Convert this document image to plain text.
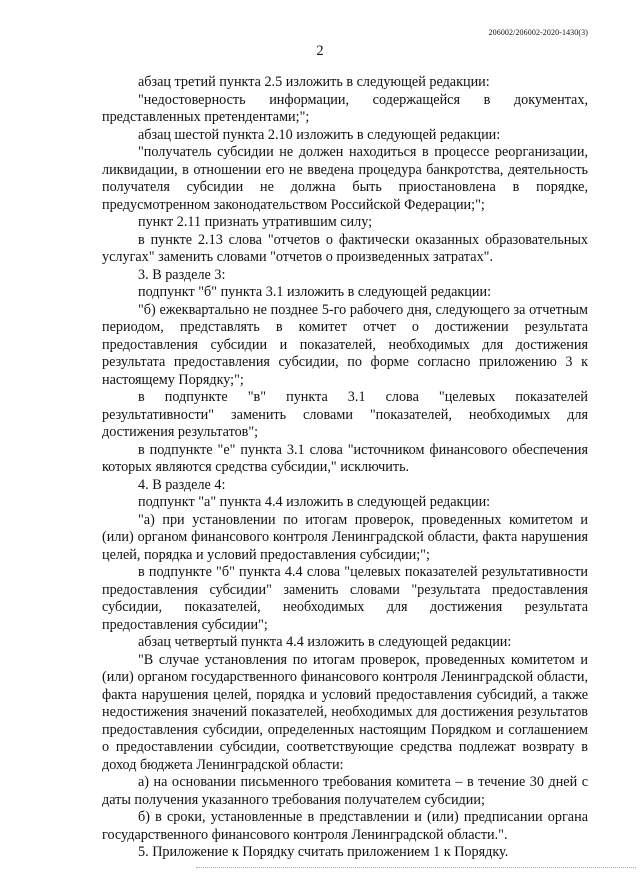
206002/206002-2020-1430(3)
2

абзац третий пункта 2.5 изложить в следующей редакции:

"недостоверность информации, содержащейся в документах, представленных претендентами;";

абзац шестой пункта 2.10 изложить в следующей редакции:

"получатель субсидии не должен находиться в процессе реорганизации, ликвидации, в отношении его не введена процедура банкротства, деятельность получателя субсидии не должна быть приостановлена в порядке, предусмотренном законодательством Российской Федерации;";

пункт 2.11 признать утратившим силу;

в пункте 2.13 слова "отчетов о фактически оказанных образовательных услугах" заменить словами "отчетов о произведенных затратах".

3. В разделе 3:

подпункт "б" пункта 3.1 изложить в следующей редакции:

"б) ежеквартально не позднее 5-го рабочего дня, следующего за отчетным периодом, представлять в комитет отчет о достижении результата предоставления субсидии и показателей, необходимых для достижения результата предоставления субсидии, по форме согласно приложению 3 к настоящему Порядку;";

в подпункте "в" пункта 3.1 слова "целевых показателей результативности" заменить словами "показателей, необходимых для достижения результатов";

в подпункте "е" пункта 3.1 слова "источником финансового обеспечения которых являются средства субсидии," исключить.

4. В разделе 4:

подпункт "а" пункта 4.4 изложить в следующей редакции:

"а) при установлении по итогам проверок, проведенных комитетом и (или) органом финансового контроля Ленинградской области, факта нарушения целей, порядка и условий предоставления субсидии;";

в подпункте "б" пункта 4.4 слова "целевых показателей результативности предоставления субсидии" заменить словами "результата предоставления субсидии, показателей, необходимых для достижения результата предоставления субсидии";

абзац четвертый пункта 4.4 изложить в следующей редакции:

"В случае установления по итогам проверок, проведенных комитетом и (или) органом государственного финансового контроля Ленинградской области, факта нарушения целей, порядка и условий предоставления субсидий, а также недостижения значений показателей, необходимых для достижения результатов предоставления субсидии, определенных настоящим Порядком и соглашением о предоставлении субсидии, соответствующие средства подлежат возврату в доход бюджета Ленинградской области:

а) на основании письменного требования комитета – в течение 30 дней с даты получения указанного требования получателем субсидии;

б) в сроки, установленные в представлении и (или) предписании органа государственного финансового контроля Ленинградской области.".

5. Приложение к Порядку считать приложением 1 к Порядку.
